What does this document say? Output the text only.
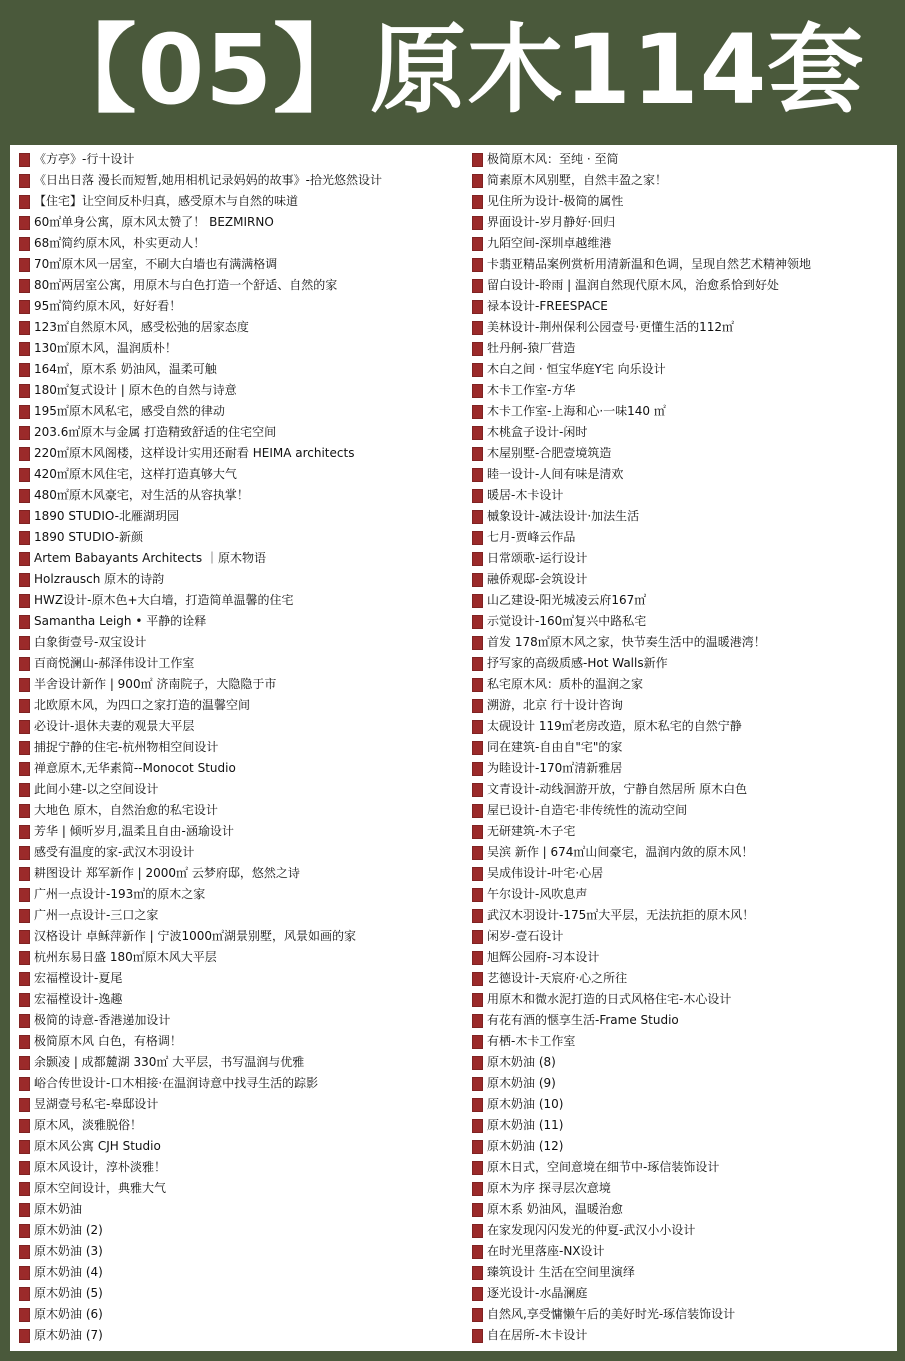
【05】原木114套
《方亭》-行十设计
《日出日落 漫长而短暂,她用相机记录妈妈的故事》-拾光悠然设计
【住宅】让空间反朴归真，感受原木与自然的味道
60㎡单身公寓，原木风太赞了！ BEZMIRNO
68㎡简约原木风，朴实更动人！
70㎡原木风一居室，不刷大白墙也有满满格调
80㎡两居室公寓，用原木与白色打造一个舒适、自然的家
95㎡简约原木风，好好看！
123㎡自然原木风，感受松弛的居家态度
130㎡原木风，温润质朴！
164㎡，原木系 奶油风，温柔可触
180㎡复式设计 | 原木色的自然与诗意
195㎡原木风私宅，感受自然的律动
203.6㎡原木与金属 打造精致舒适的住宅空间
220㎡原木风阁楼，这样设计实用还耐看 HEIMA architects
420㎡原木风住宅，这样打造真够大气
480㎡原木风豪宅，对生活的从容执掌！
1890 STUDIO-北雁湖玥园
1890 STUDIO-新颜
Artem Babayants Architects ｜原木物语
Holzrausch 原木的诗韵
HWZ设计-原木色+大白墙，打造简单温馨的住宅
Samantha Leigh • 平静的诠释
白象街壹号-双宝设计
百商悦澜山-郝泽伟设计工作室
半舍设计新作 | 900㎡ 济南院子，大隐隐于市
北欧原木风，为四口之家打造的温馨空间
必设计-退休夫妻的观景大平层
捕捉宁静的住宅-杭州物相空间设计
禅意原木,无华素简--Monocot Studio
此间小建-以之空间设计
大地色 原木，自然治愈的私宅设计
芳华 | 倾听岁月,温柔且自由-涵瑜设计
感受有温度的家-武汉木羽设计
耕图设计 郑军新作 | 2000㎡ 云梦府邸，悠然之诗
广州一点设计-193㎡的原木之家
广州一点设计-三口之家
汉格设计 卓稣萍新作 | 宁波1000㎡湖景别墅，风景如画的家
杭州东易日盛 180㎡原木风大平层
宏福樘设计-夏尾
宏福樘设计-逸趣
极简的诗意-香港递加设计
极简原木风 白色，有格调！
余颢凌 | 成都麓湖 330㎡ 大平层，书写温润与优雅
峪合传世设计-口木相接·在温润诗意中找寻生活的踪影
昱湖壹号私宅-皋邸设计
原木风，淡雅脱俗！
原木风公寓 CJH Studio
原木风设计，淳朴淡雅！
原木空间设计，典雅大气
原木奶油
原木奶油 (2)
原木奶油 (3)
原木奶油 (4)
原木奶油 (5)
原木奶油 (6)
原木奶油 (7)
极简原木风：至纯 · 至简
简素原木风别墅，自然丰盈之家！
见住所为设计-极简的属性
界面设计-岁月静好·回归
九陌空间-深圳卓越维港
卡翡亚精品案例赏析用清新温和色调，呈现自然艺术精神领地
留白设计-聆雨 | 温润自然现代原木风，治愈系恰到好处
禄本设计-FREESPACE
美林设计-荆州保利公园壹号·更懂生活的112㎡
牡丹舸-猿厂营造
木白之间 · 恒宝华庭Y宅 向乐设计
木卡工作室-方华
木卡工作室-上海和心·一味140 ㎡
木桃盒子设计-闲时
木屋别墅-合肥壹境筑造
睦一设计-人间有味是清欢
暖居-木卡设计
槭象设计-减法设计·加法生活
七月-贾峰云作品
日常颂歌-运行设计
融侨观邸-会筑设计
山乙建设-阳光城凌云府167㎡
示觉设计-160㎡复兴中路私宅
首发 178㎡原木风之家，快节奏生活中的温暖港湾！
抒写家的高级质感-Hot Walls新作
私宅原木风：质朴的温润之家
溯游，北京 行十设计咨询
太砚设计 119㎡老房改造，原木私宅的自然宁静
同在建筑-自由自"宅"的家
为睦设计-170㎡清新雅居
文青设计-动线洄游开放，宁静自然居所 原木白色
屋已设计-自造宅·非传统性的流动空间
无研建筑-木子宅
吴滨 新作 | 674㎡山间豪宅，温润内敛的原木风！
吴成伟设计-叶宅·心居
午尔设计-风吹息声
武汉木羽设计-175㎡大平层，无法抗拒的原木风！
闲岁-壹石设计
旭辉公园府-习本设计
艺德设计-天宸府·心之所往
用原木和微水泥打造的日式风格住宅-木心设计
有花有酒的惬享生活-Frame Studio
有栖-木卡工作室
原木奶油 (8)
原木奶油 (9)
原木奶油 (10)
原木奶油 (11)
原木奶油 (12)
原木日式，空间意境在细节中-琢信装饰设计
原木为序 探寻层次意境
原木系 奶油风，温暖治愈
在家发现闪闪发光的仲夏-武汉小小设计
在时光里落座-NX设计
臻筑设计 生活在空间里演绎
逐光设计-水晶澜庭
自然风,享受慵懒午后的美好时光-琢信装饰设计
自在居所-木卡设计
